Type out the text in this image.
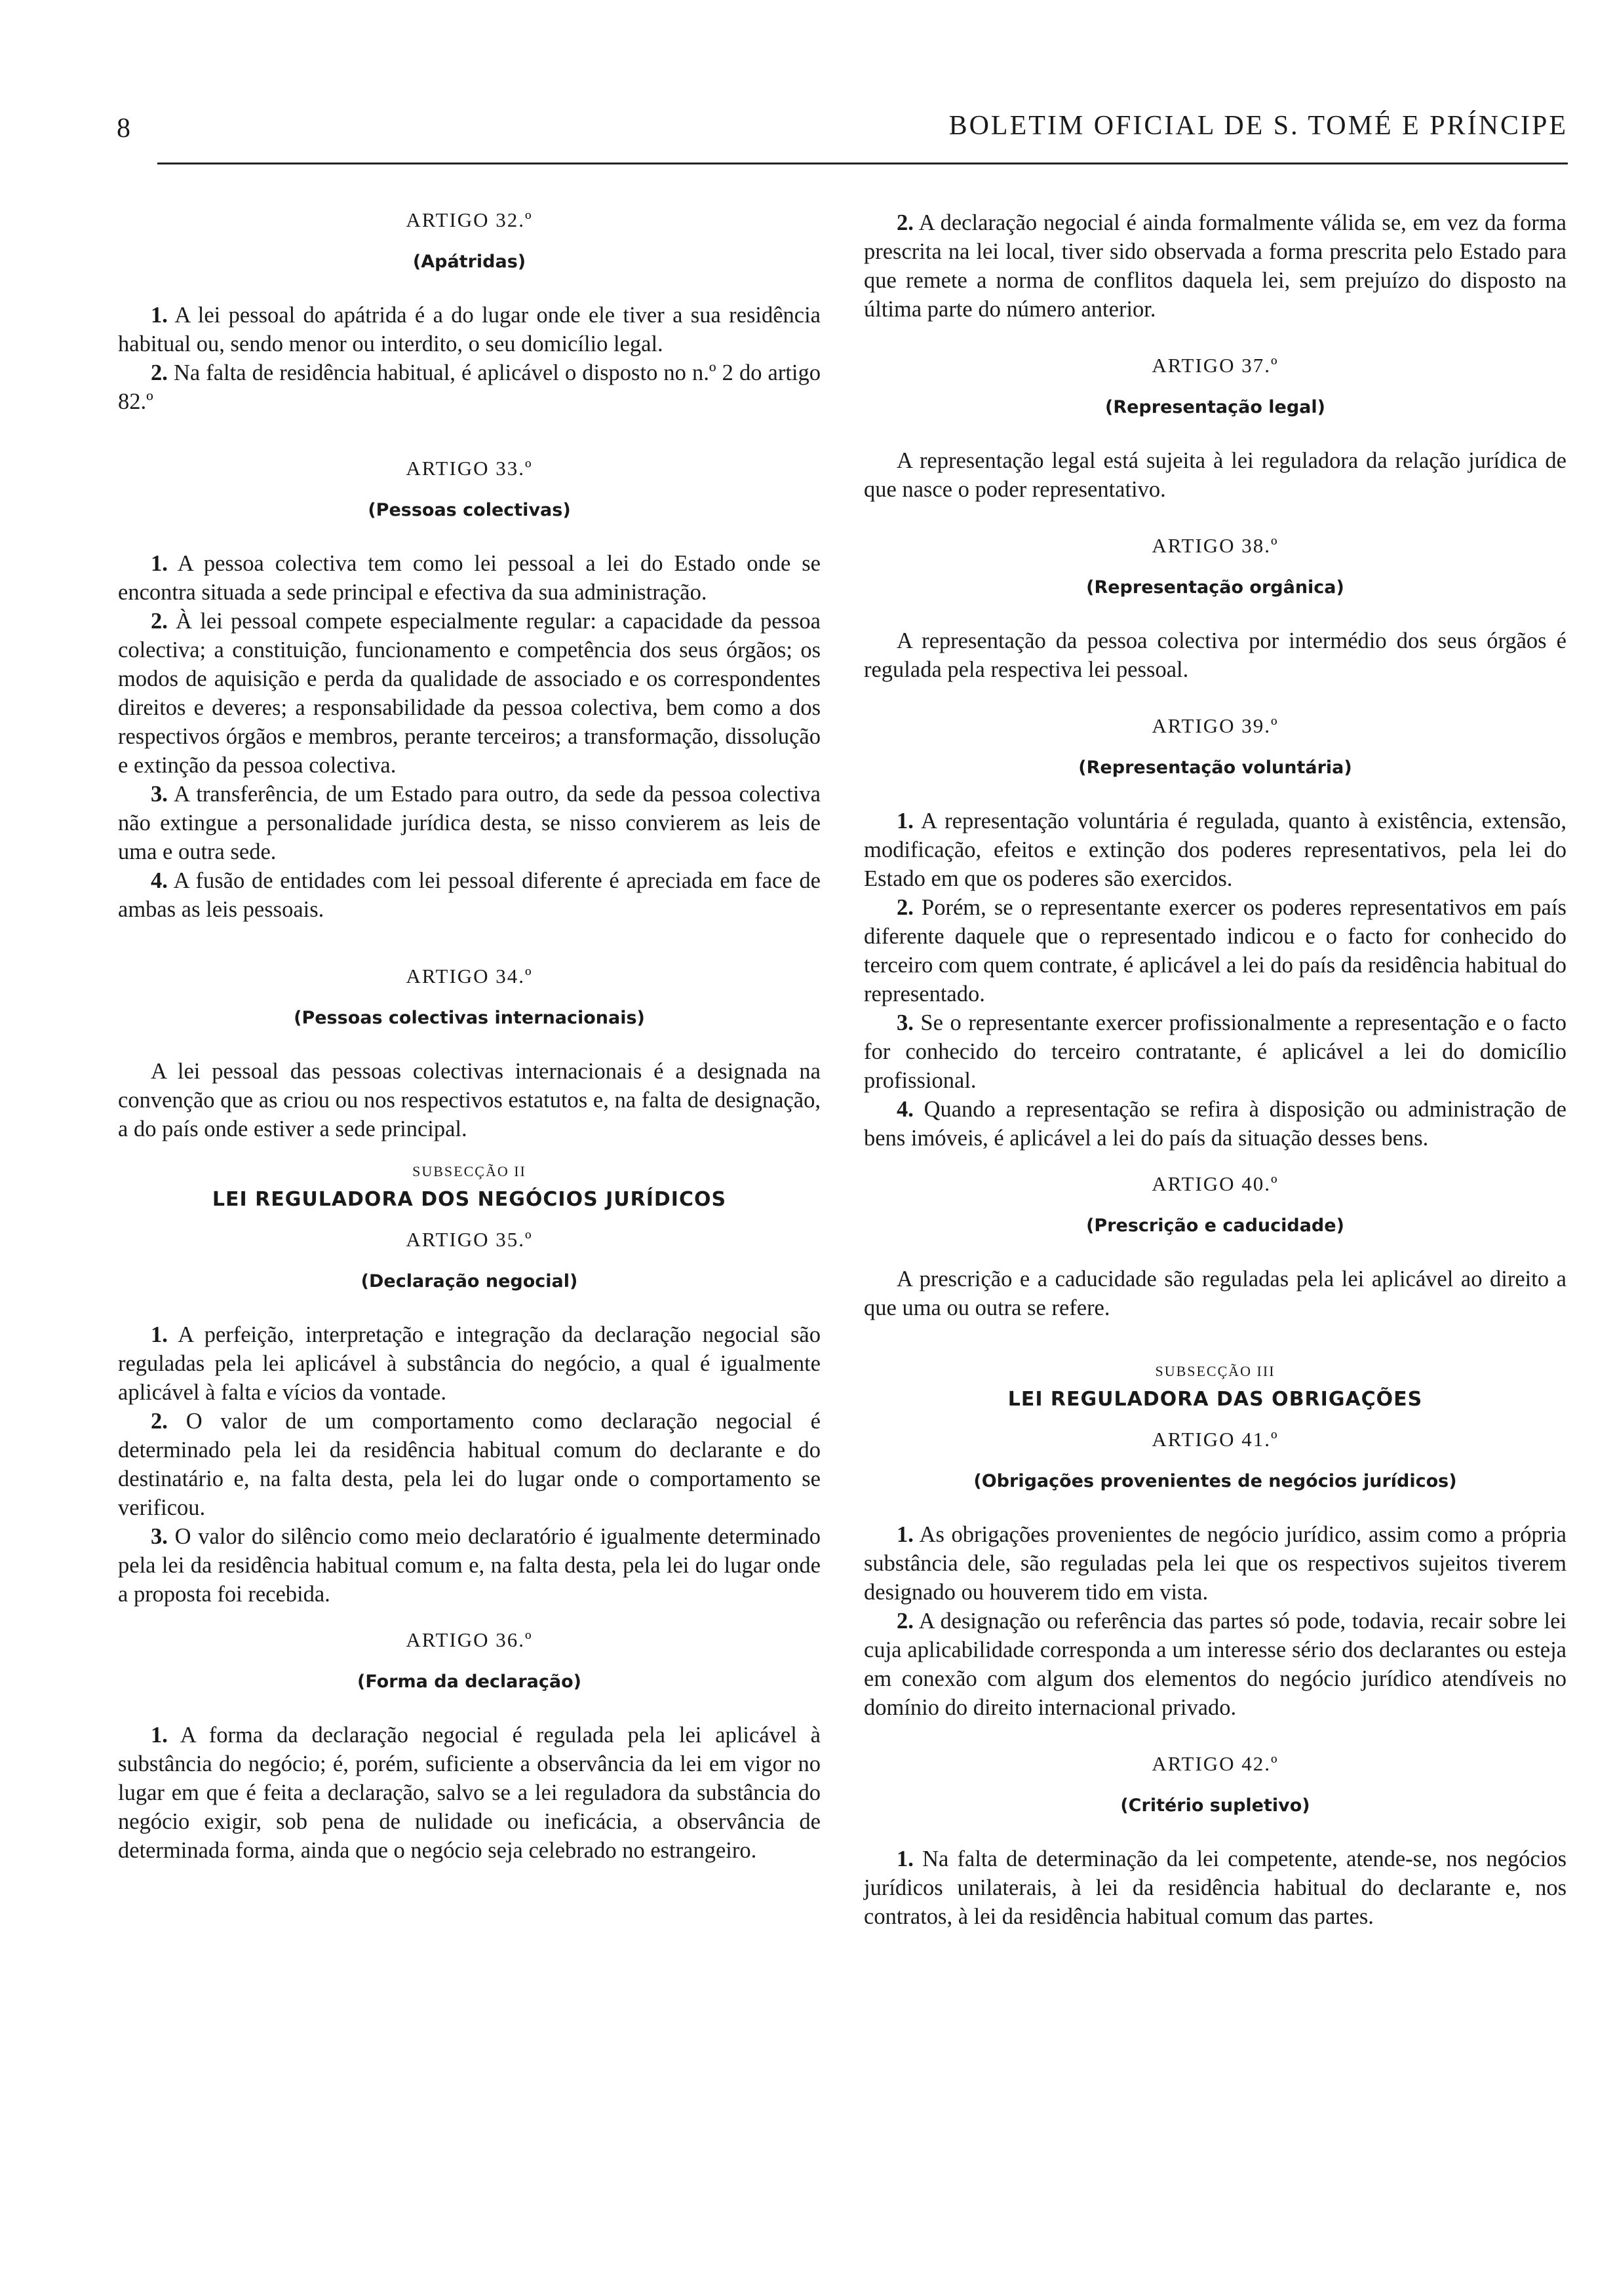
8	BOLETIM OFICIAL DE S. TOMÉ E PRÍNCIPE
ARTIGO 32.º
(Apátridas)

1. A lei pessoal do apátrida é a do lugar onde ele tiver a sua residência habitual ou, sendo menor ou interdito, o seu domicílio legal.

2. Na falta de residência habitual, é aplicável o disposto no n.º 2 do artigo 82.º

ARTIGO 33.º
(Pessoas colectivas)

1. A pessoa colectiva tem como lei pessoal a lei do Estado onde se encontra situada a sede principal e efectiva da sua administração.

2. À lei pessoal compete especialmente regular: a capacidade da pessoa colectiva; a constituição, funcionamento e competência dos seus órgãos; os modos de aquisição e perda da qualidade de associado e os correspondentes direitos e deveres; a responsabilidade da pessoa colectiva, bem como a dos respectivos órgãos e membros, perante terceiros; a transformação, dissolução e extinção da pessoa colectiva.

3. A transferência, de um Estado para outro, da sede da pessoa colectiva não extingue a personalidade jurídica desta, se nisso convierem as leis de uma e outra sede.

4. A fusão de entidades com lei pessoal diferente é apreciada em face de ambas as leis pessoais.

ARTIGO 34.º
(Pessoas colectivas internacionais)

A lei pessoal das pessoas colectivas internacionais é a designada na convenção que as criou ou nos respectivos estatutos e, na falta de designação, a do país onde estiver a sede principal.

SUBSECÇÃO II
LEI REGULADORA DOS NEGÓCIOS JURÍDICOS
ARTIGO 35.º
(Declaração negocial)

1. A perfeição, interpretação e integração da declaração negocial são reguladas pela lei aplicável à substância do negócio, a qual é igualmente aplicável à falta e vícios da vontade.

2. O valor de um comportamento como declaração negocial é determinado pela lei da residência habitual comum do declarante e do destinatário e, na falta desta, pela lei do lugar onde o comportamento se verificou.

3. O valor do silêncio como meio declaratório é igualmente determinado pela lei da residência habitual comum e, na falta desta, pela lei do lugar onde a proposta foi recebida.

ARTIGO 36.º
(Forma da declaração)

1. A forma da declaração negocial é regulada pela lei aplicável à substância do negócio; é, porém, suficiente a observância da lei em vigor no lugar em que é feita a declaração, salvo se a lei reguladora da substância do negócio exigir, sob pena de nulidade ou ineficácia, a observância de determinada forma, ainda que o negócio seja celebrado no estrangeiro.

2. A declaração negocial é ainda formalmente válida se, em vez da forma prescrita na lei local, tiver sido observada a forma prescrita pelo Estado para que remete a norma de conflitos daquela lei, sem prejuízo do disposto na última parte do número anterior.

ARTIGO 37.º
(Representação legal)

A representação legal está sujeita à lei reguladora da relação jurídica de que nasce o poder representativo.

ARTIGO 38.º
(Representação orgânica)

A representação da pessoa colectiva por intermédio dos seus órgãos é regulada pela respectiva lei pessoal.

ARTIGO 39.º
(Representação voluntária)

1. A representação voluntária é regulada, quanto à existência, extensão, modificação, efeitos e extinção dos poderes representativos, pela lei do Estado em que os poderes são exercidos.

2. Porém, se o representante exercer os poderes representativos em país diferente daquele que o representado indicou e o facto for conhecido do terceiro com quem contrate, é aplicável a lei do país da residência habitual do representado.

3. Se o representante exercer profissionalmente a representação e o facto for conhecido do terceiro contratante, é aplicável a lei do domicílio profissional.

4. Quando a representação se refira à disposição ou administração de bens imóveis, é aplicável a lei do país da situação desses bens.

ARTIGO 40.º
(Prescrição e caducidade)

A prescrição e a caducidade são reguladas pela lei aplicável ao direito a que uma ou outra se refere.

SUBSECÇÃO III
LEI REGULADORA DAS OBRIGAÇÕES
ARTIGO 41.º
(Obrigações provenientes de negócios jurídicos)

1. As obrigações provenientes de negócio jurídico, assim como a própria substância dele, são reguladas pela lei que os respectivos sujeitos tiverem designado ou houverem tido em vista.

2. A designação ou referência das partes só pode, todavia, recair sobre lei cuja aplicabilidade corresponda a um interesse sério dos declarantes ou esteja em conexão com algum dos elementos do negócio jurídico atendíveis no domínio do direito internacional privado.

ARTIGO 42.º
(Critério supletivo)

1. Na falta de determinação da lei competente, atende-se, nos negócios jurídicos unilaterais, à lei da residência habitual do declarante e, nos contratos, à lei da residência habitual comum das partes.
